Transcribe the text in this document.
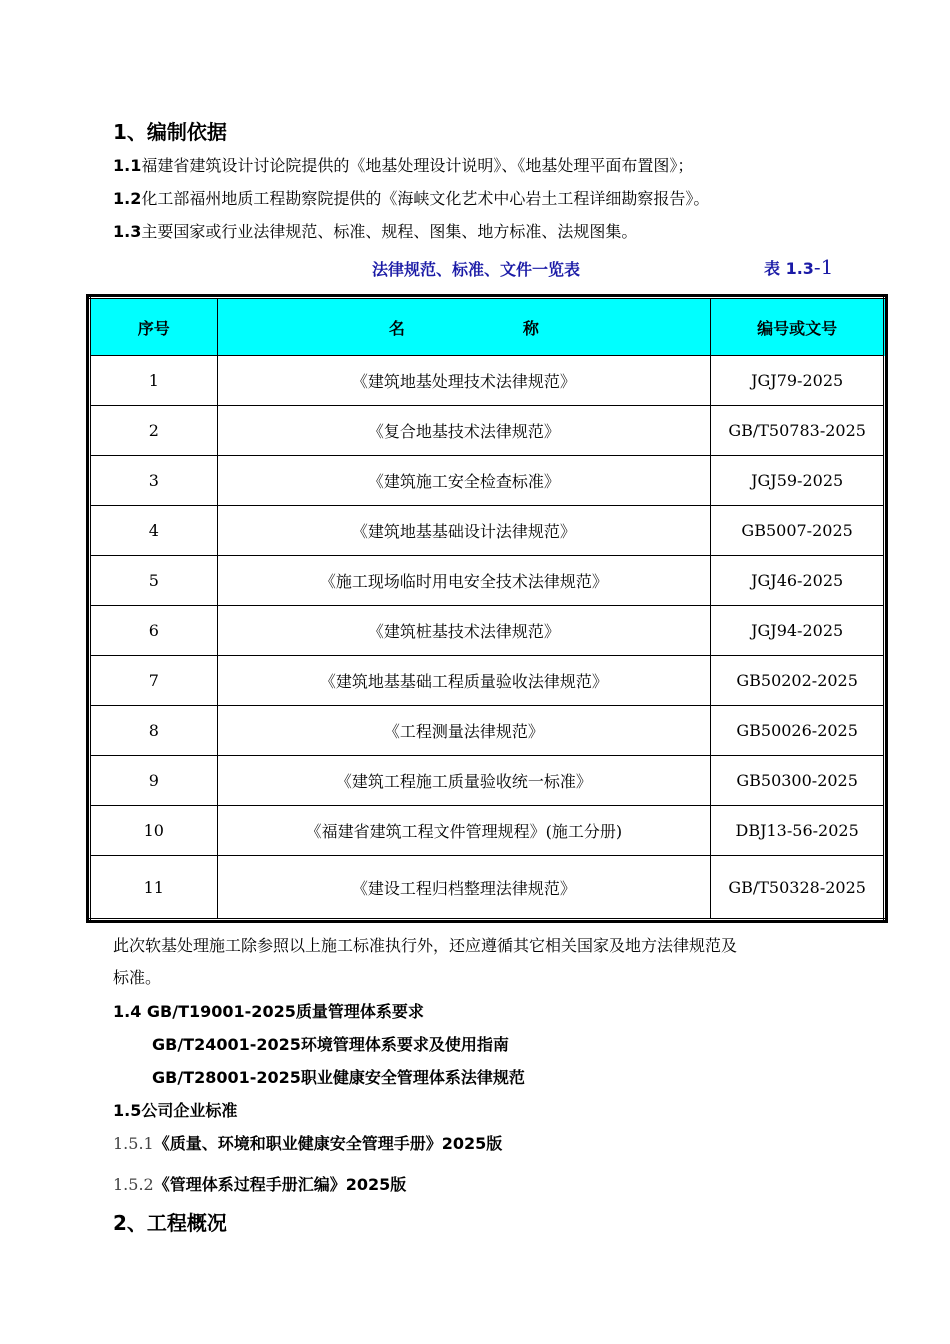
1、编制依据
1.1福建省建筑设计讨论院提供的《地基处理设计说明》、《地基处理平面布置图》；
1.2化工部福州地质工程勘察院提供的《海峡文化艺术中心岩土工程详细勘察报告》。
1.3主要国家或行业法律规范、标准、规程、图集、地方标准、法规图集。
法律规范、标准、文件一览表	表 1.3-1
序号	名 称	编号或文号
1	《建筑地基处理技术法律规范》	JGJ79-2025
2	《复合地基技术法律规范》	GB/T50783-2025
3	《建筑施工安全检查标准》	JGJ59-2025
4	《建筑地基基础设计法律规范》	GB5007-2025
5	《施工现场临时用电安全技术法律规范》	JGJ46-2025
6	《建筑桩基技术法律规范》	JGJ94-2025
7	《建筑地基基础工程质量验收法律规范》	GB50202-2025
8	《工程测量法律规范》	GB50026-2025
9	《建筑工程施工质量验收统一标准》	GB50300-2025
10	《福建省建筑工程文件管理规程》(施工分册)	DBJ13-56-2025
11	《建设工程归档整理法律规范》	GB/T50328-2025
此次软基处理施工除参照以上施工标准执行外，还应遵循其它相关国家及地方法律规范及
标准。
1.4 GB/T19001-2025质量管理体系要求
GB/T24001-2025环境管理体系要求及使用指南
GB/T28001-2025职业健康安全管理体系法律规范
1.5公司企业标准
1.5.1《质量、环境和职业健康安全管理手册》2025版
1.5.2《管理体系过程手册汇编》2025版
2、工程概况
